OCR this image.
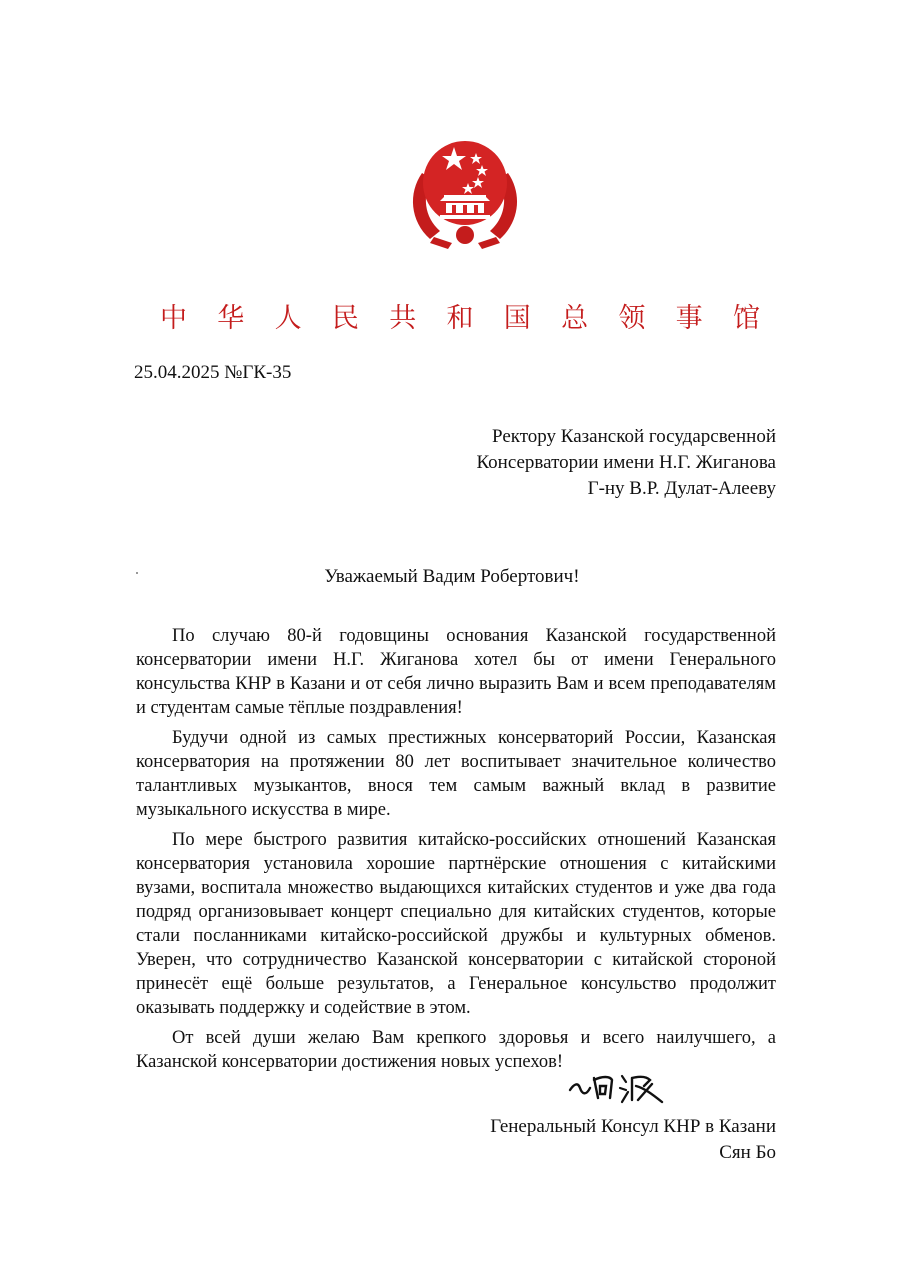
中 华 人 民 共 和 国 总 领 事 馆
25.04.2025 №ГК-35
Ректору Казанской государсвенной
Консерватории имени Н.Г. Жиганова
Г-ну В.Р. Дулат-Алееву
Уважаемый Вадим Робертович!

По случаю 80-й годовщины основания Казанской государственной консерватории имени Н.Г. Жиганова хотел бы от имени Генерального консульства КНР в Казани и от себя лично выразить Вам и всем преподавателям и студентам самые тёплые поздравления!

Будучи одной из самых престижных консерваторий России, Казанская консерватория на протяжении 80 лет воспитывает значительное количество талантливых музыкантов, внося тем самым важный вклад в развитие музыкального искусства в мире.

По мере быстрого развития китайско-российских отношений Казанская консерватория установила хорошие партнёрские отношения с китайскими вузами, воспитала множество выдающихся китайских студентов и уже два года подряд организовывает концерт специально для китайских студентов, которые стали посланниками китайско-российской дружбы и культурных обменов. Уверен, что сотрудничество Казанской консерватории с китайской стороной принесёт ещё больше результатов, а Генеральное консульство продолжит оказывать поддержку и содействие в этом.

От всей души желаю Вам крепкого здоровья и всего наилучшего, а Казанской консерватории достижения новых успехов!

Генеральный Консул КНР в Казани
Сян Бо
